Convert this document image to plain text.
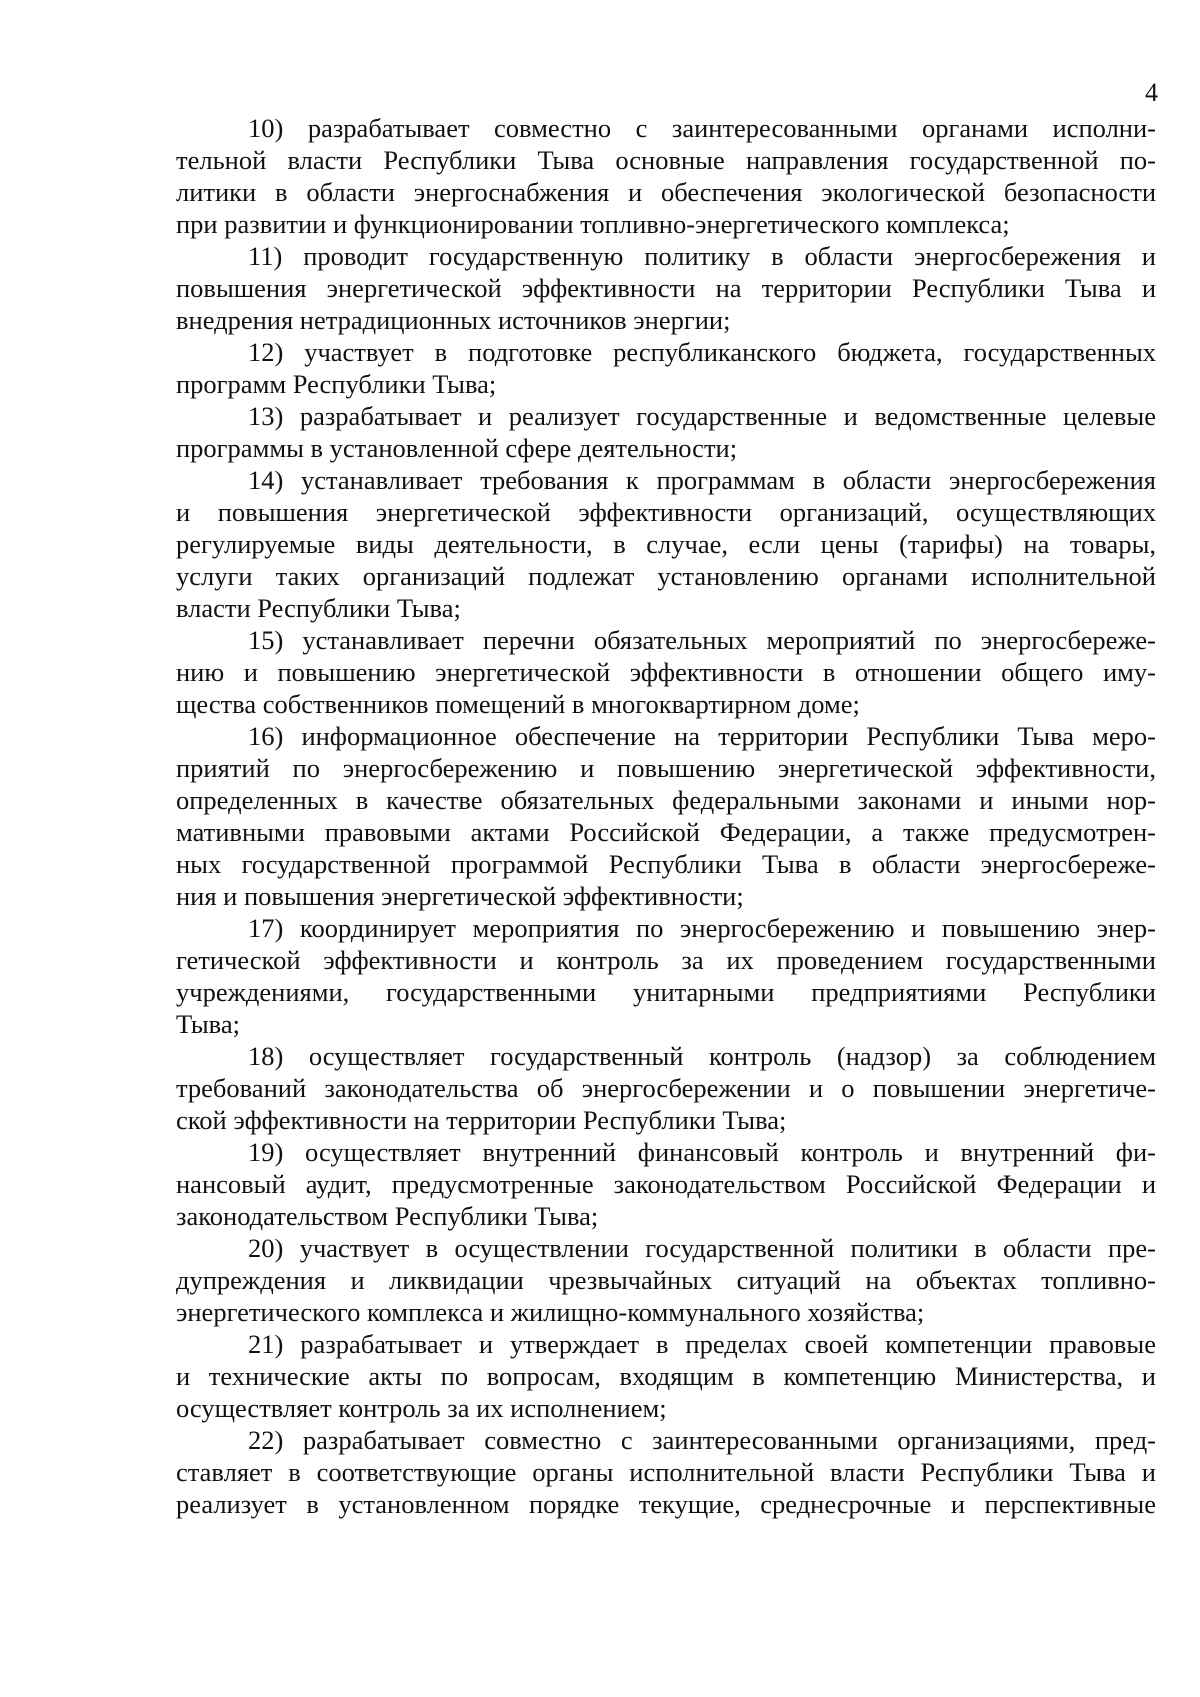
4
10) разрабатывает совместно с заинтересованными органами исполни-
тельной власти Республики Тыва основные направления государственной по-
литики в области энергоснабжения и обеспечения экологической безопасности
при развитии и функционировании топливно-энергетического комплекса;
11) проводит государственную политику в области энергосбережения и
повышения энергетической эффективности на территории Республики Тыва и
внедрения нетрадиционных источников энергии;
12) участвует в подготовке республиканского бюджета, государственных
программ Республики Тыва;
13) разрабатывает и реализует государственные и ведомственные целевые
программы в установленной сфере деятельности;
14) устанавливает требования к программам в области энергосбережения
и повышения энергетической эффективности организаций, осуществляющих
регулируемые виды деятельности, в случае, если цены (тарифы) на товары,
услуги таких организаций подлежат установлению органами исполнительной
власти Республики Тыва;
15) устанавливает перечни обязательных мероприятий по энергосбереже-
нию и повышению энергетической эффективности в отношении общего иму-
щества собственников помещений в многоквартирном доме;
16) информационное обеспечение на территории Республики Тыва меро-
приятий по энергосбережению и повышению энергетической эффективности,
определенных в качестве обязательных федеральными законами и иными нор-
мативными правовыми актами Российской Федерации, а также предусмотрен-
ных государственной программой Республики Тыва в области энергосбереже-
ния и повышения энергетической эффективности;
17) координирует мероприятия по энергосбережению и повышению энер-
гетической эффективности и контроль за их проведением государственными
учреждениями, государственными унитарными предприятиями Республики
Тыва;
18) осуществляет государственный контроль (надзор) за соблюдением
требований законодательства об энергосбережении и о повышении энергетиче-
ской эффективности на территории Республики Тыва;
19) осуществляет внутренний финансовый контроль и внутренний фи-
нансовый аудит, предусмотренные законодательством Российской Федерации и
законодательством Республики Тыва;
20) участвует в осуществлении государственной политики в области пре-
дупреждения и ликвидации чрезвычайных ситуаций на объектах топливно-
энергетического комплекса и жилищно-коммунального хозяйства;
21) разрабатывает и утверждает в пределах своей компетенции правовые
и технические акты по вопросам, входящим в компетенцию Министерства, и
осуществляет контроль за их исполнением;
22) разрабатывает совместно с заинтересованными организациями, пред-
ставляет в соответствующие органы исполнительной власти Республики Тыва и
реализует в установленном порядке текущие, среднесрочные и перспективные
